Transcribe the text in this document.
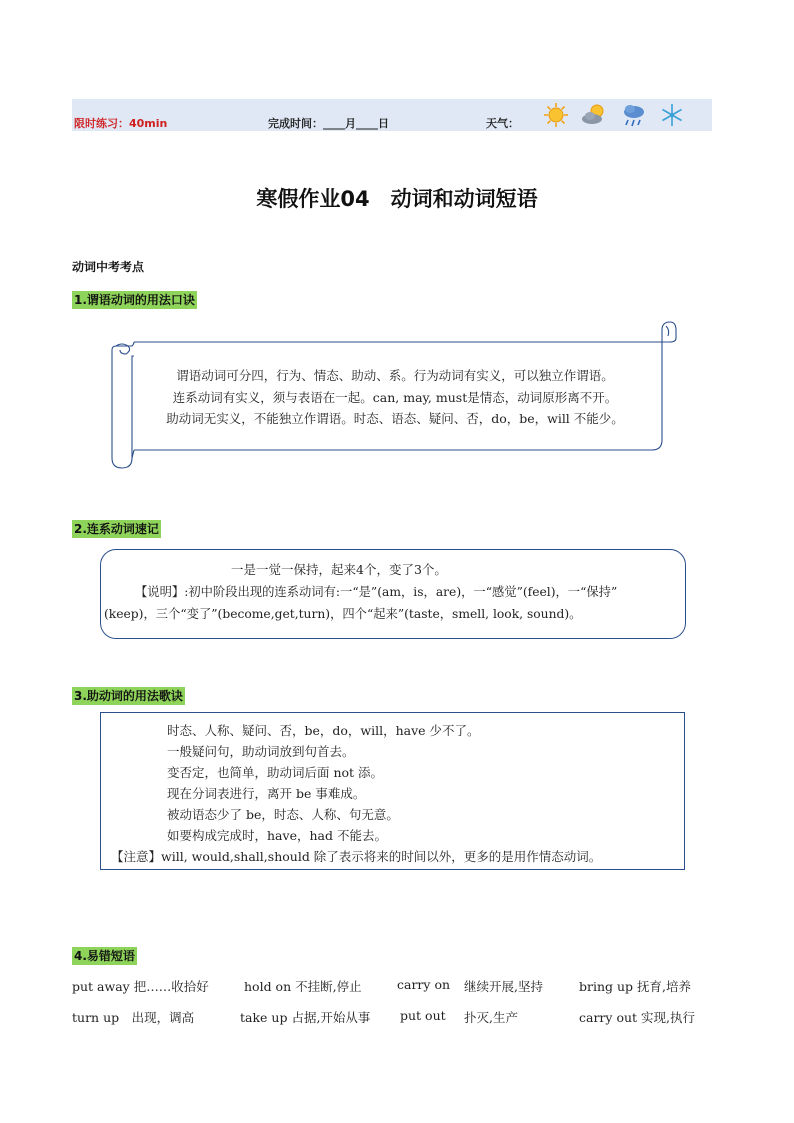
限时练习：40min	完成时间：____月____日	天气：
寒假作业04　动词和动词短语
动词中考考点
1.谓语动词的用法口诀
谓语动词可分四，行为、情态、助动、系。行为动词有实义，可以独立作谓语。
连系动词有实义，须与表语在一起。can, may, must是情态，动词原形离不开。
助动词无实义，不能独立作谓语。时态、语态、疑问、否，do，be，will 不能少。
2.连系动词速记
一是一觉一保持，起来4个，变了3个。
【说明】:初中阶段出现的连系动词有:一“是”(am，is，are)，一“感觉”(feel)，一“保持”
(keep)，三个“变了”(become,get,turn)，四个“起来”(taste，smell, look, sound)。
3.助动词的用法歌诀
时态、人称、疑问、否，be，do，will，have 少不了。
一般疑问句，助动词放到句首去。
变否定，也简单，助动词后面 not 添。
现在分词表进行，离开 be 事难成。
被动语态少了 be，时态、人称、句无意。
如要构成完成时，have，had 不能去。
【注意】will, would,shall,should 除了表示将来的时间以外，更多的是用作情态动词。
4.易错短语
put away 把……收拾好	hold on 不挂断,停止	carry on 继续开展,坚持	bring up 抚育,培养
turn up　出现，调高	take up 占据,开始从事 put out 扑灭,生产	carry out 实现,执行
